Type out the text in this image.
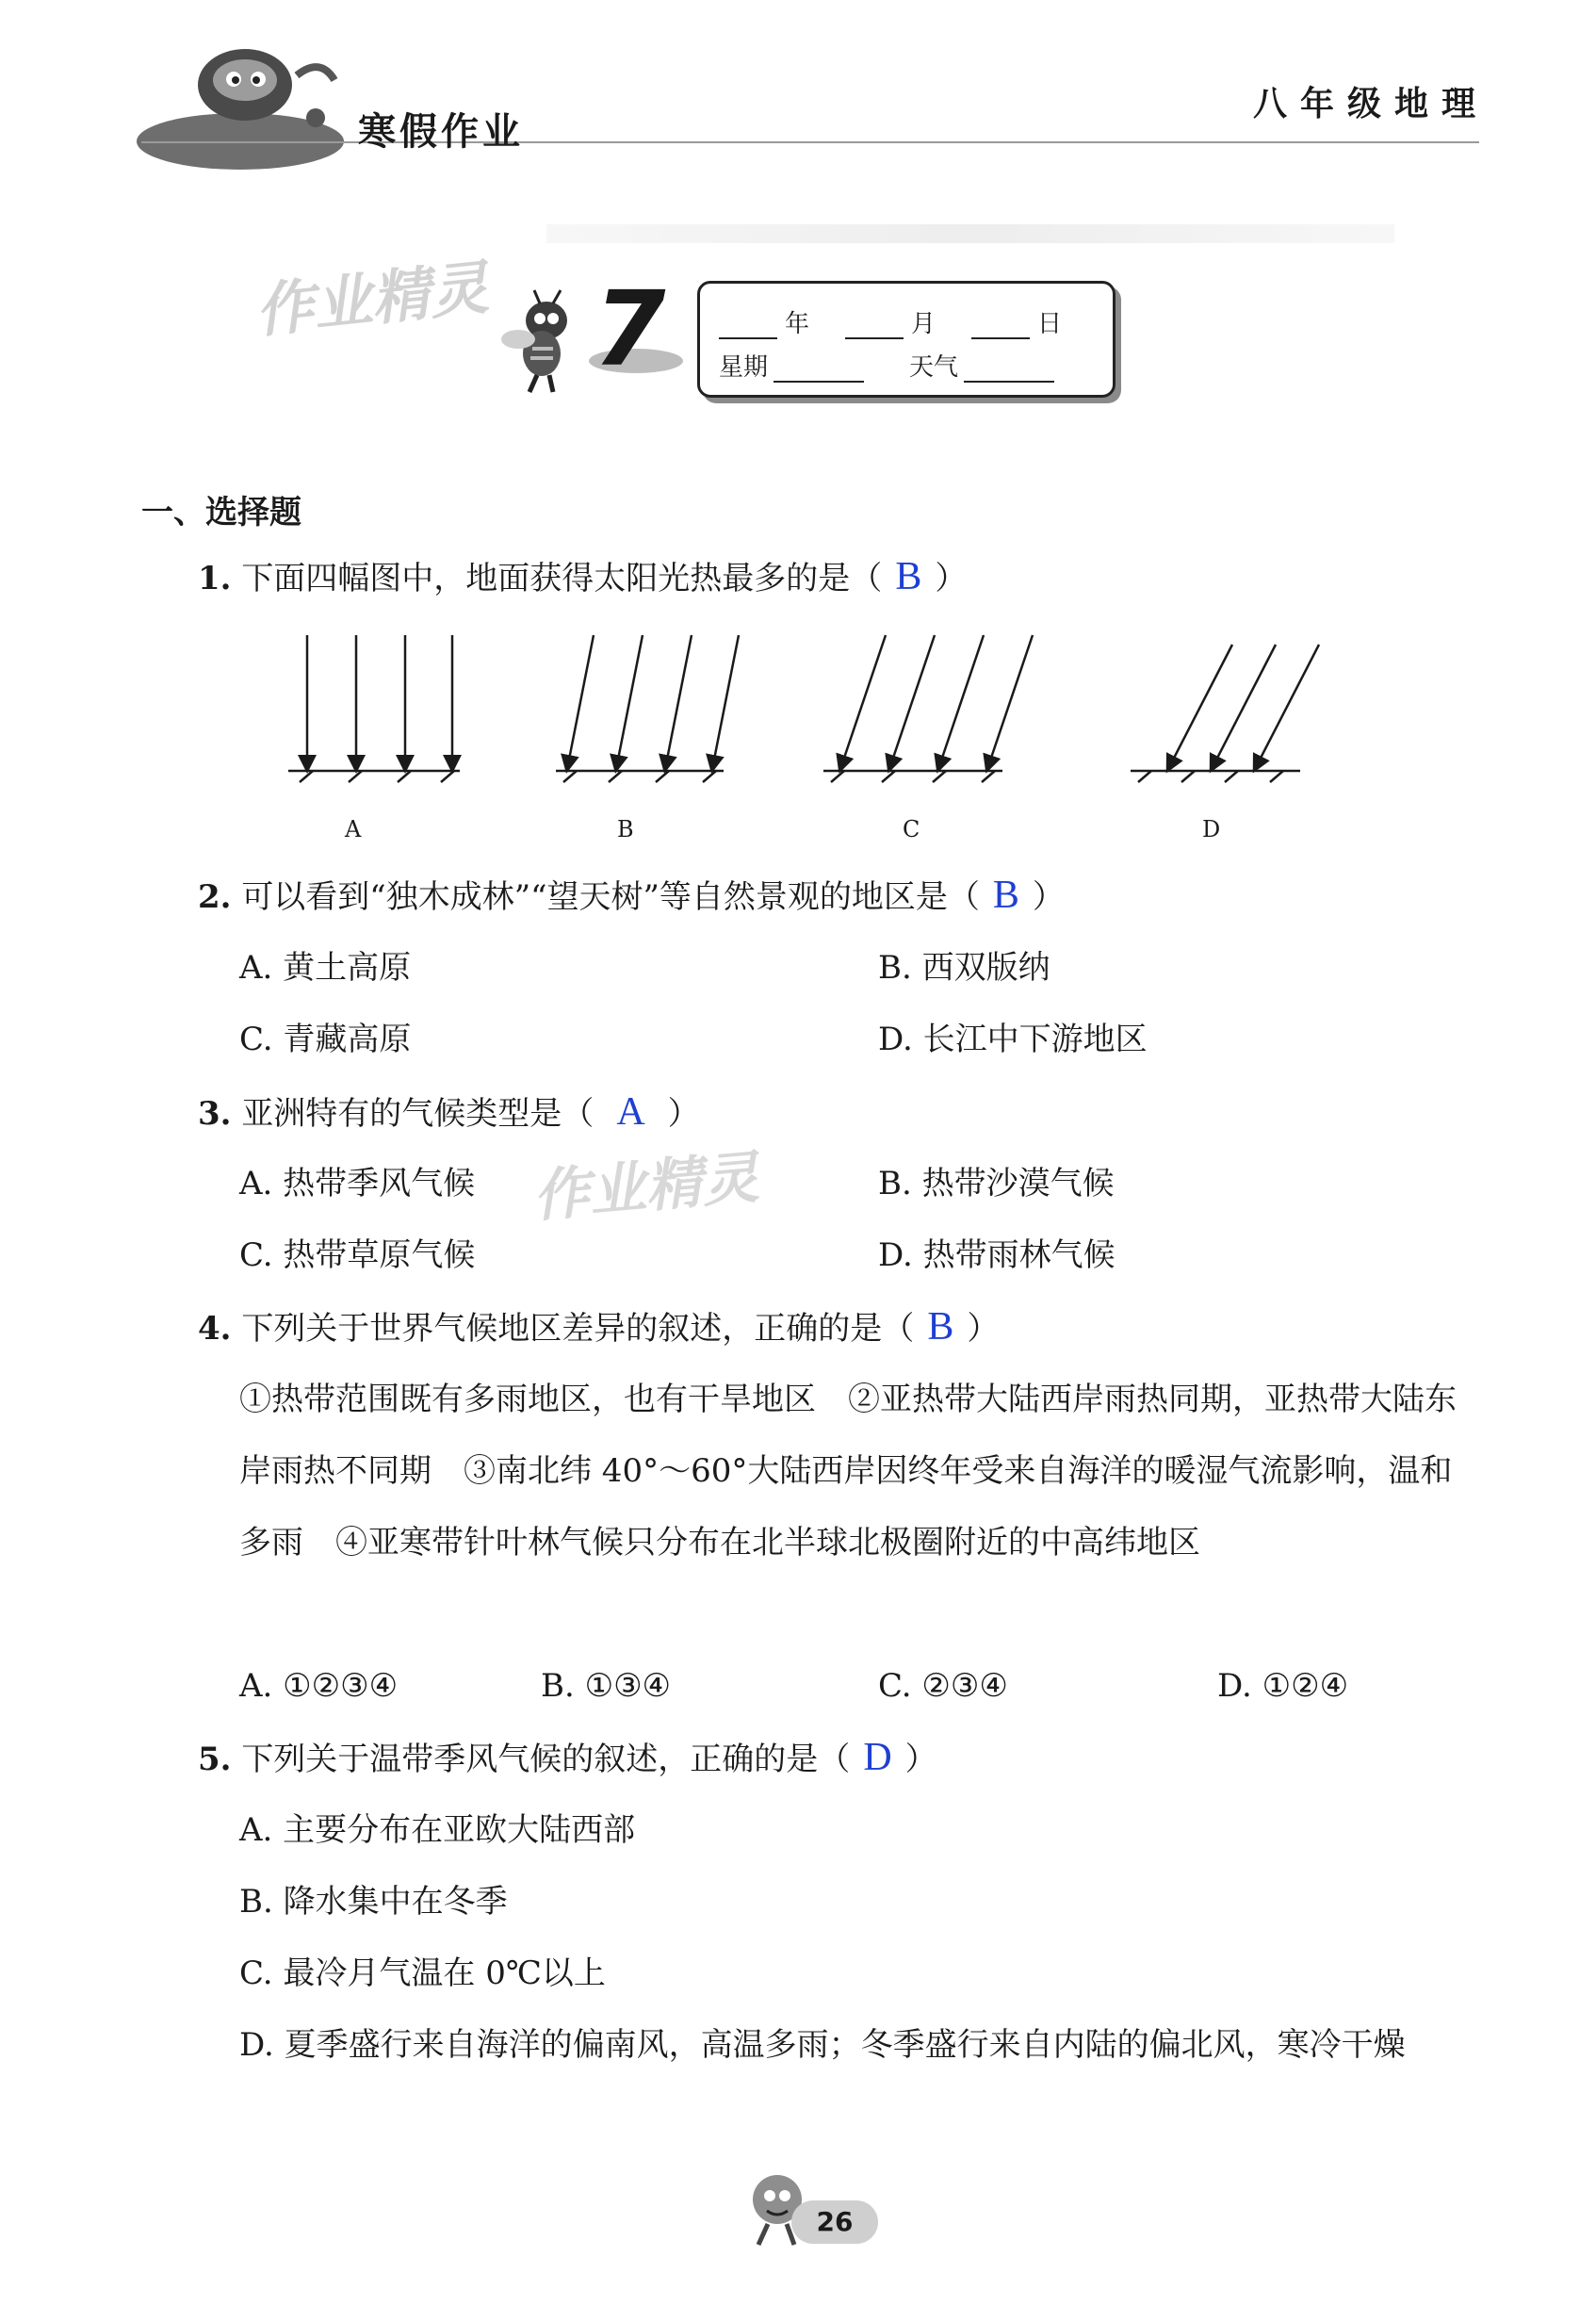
寒假作业
八年级地理
作业精灵 7	年	月	日
星期	天气
一、选择题
1. 下面四幅图中，地面获得太阳光热最多的是（ B ）
A	B	C	D
2. 可以看到“独木成林”“望天树”等自然景观的地区是（ B ）
A. 黄土高原	B. 西双版纳
C. 青藏高原	D. 长江中下游地区
3. 亚洲特有的气候类型是（ A ）
作业精灵
A. 热带季风气候	B. 热带沙漠气候
C. 热带草原气候	D. 热带雨林气候
4. 下列关于世界气候地区差异的叙述，正确的是（ B ）
①热带范围既有多雨地区，也有干旱地区　②亚热带大陆西岸雨热同期，亚热带大陆东岸雨热不同期　③南北纬 40°～60°大陆西岸因终年受来自海洋的暖湿气流影响，温和多雨　④亚寒带针叶林气候只分布在北半球北极圈附近的中高纬地区
A. ①②③④	B. ①③④	C. ②③④	D. ①②④
5. 下列关于温带季风气候的叙述，正确的是（ D ）
A. 主要分布在亚欧大陆西部
B. 降水集中在冬季
C. 最冷月气温在 0℃以上
D. 夏季盛行来自海洋的偏南风，高温多雨；冬季盛行来自内陆的偏北风，寒冷干燥
26
